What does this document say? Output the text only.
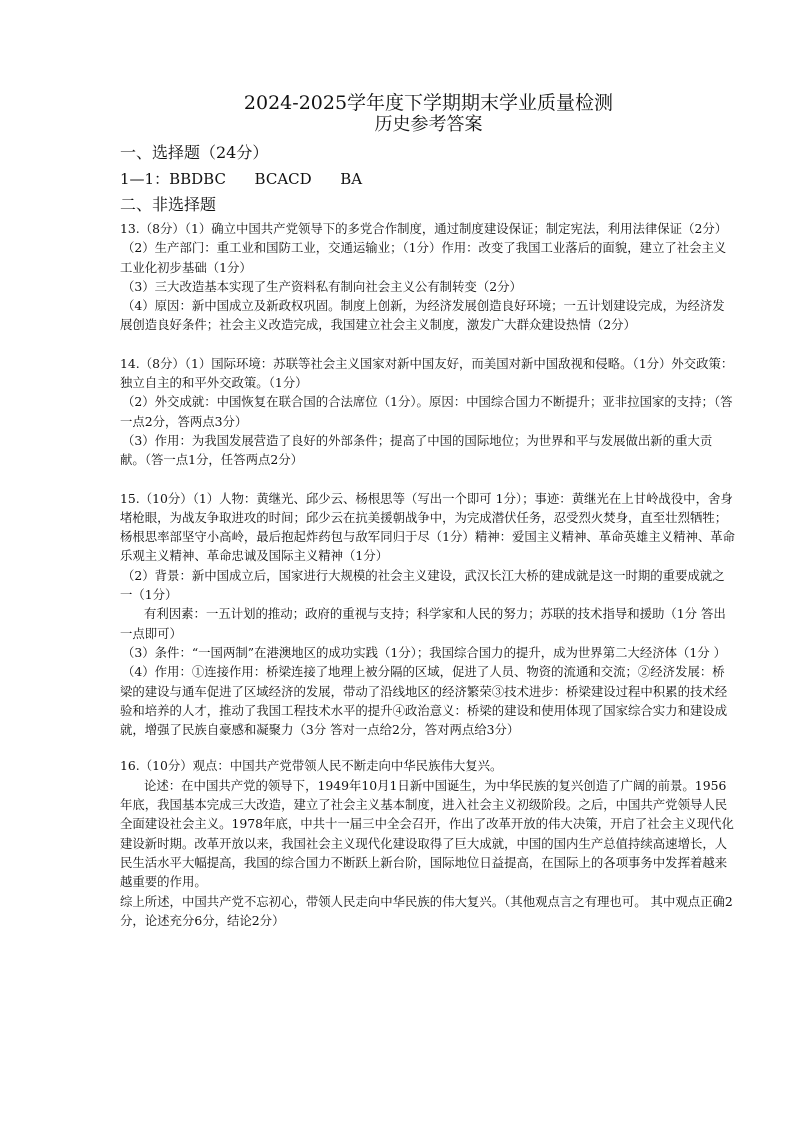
2024-2025学年度下学期期末学业质量检测
历史参考答案
一、选择题（24分）

1—1：BBDBC      BCACD      BA

二、非选择题

13.（8分）（1）确立中国共产党领导下的多党合作制度，通过制度建设保证；制定宪法，利用法律保证（2分）

（2）生产部门：重工业和国防工业，交通运输业；（1分）作用：改变了我国工业落后的面貌，建立了社会主义工业化初步基础（1分）

（3）三大改造基本实现了生产资料私有制向社会主义公有制转变（2分）

（4）原因：新中国成立及新政权巩固。制度上创新，为经济发展创造良好环境；一五计划建设完成，为经济发展创造良好条件；社会主义改造完成，我国建立社会主义制度，激发广大群众建设热情（2分）

14.（8分）（1）国际环境：苏联等社会主义国家对新中国友好，而美国对新中国敌视和侵略。（1分）外交政策：独立自主的和平外交政策。（1分）

（2）外交成就：中国恢复在联合国的合法席位（1分）。原因：中国综合国力不断提升；亚非拉国家的支持；（答一点2分，答两点3分）

（3）作用：为我国发展营造了良好的外部条件；提高了中国的国际地位；为世界和平与发展做出新的重大贡献。（答一点1分，任答两点2分）

15.（10分）（1）人物：黄继光、邱少云、杨根思等（写出一个即可 1分）；事迹：黄继光在上甘岭战役中，舍身堵枪眼，为战友争取进攻的时间；邱少云在抗美援朝战争中，为完成潜伏任务，忍受烈火焚身，直至壮烈牺牲；杨根思率部坚守小高岭，最后抱起炸药包与敌军同归于尽（1分）精神：爱国主义精神、革命英雄主义精神、革命乐观主义精神、革命忠诚及国际主义精神（1分）

（2）背景：新中国成立后，国家进行大规模的社会主义建设，武汉长江大桥的建成就是这一时期的重要成就之一（1分）

有利因素：一五计划的推动；政府的重视与支持；科学家和人民的努力；苏联的技术指导和援助（1分 答出一点即可）

（3）条件：“一国两制”在港澳地区的成功实践（1分）；我国综合国力的提升，成为世界第二大经济体（1分 ）

（4）作用：①连接作用：桥梁连接了地理上被分隔的区域，促进了人员、物资的流通和交流；②经济发展：桥梁的建设与通车促进了区域经济的发展，带动了沿线地区的经济繁荣③技术进步：桥梁建设过程中积累的技术经验和培养的人才，推动了我国工程技术水平的提升④政治意义：桥梁的建设和使用体现了国家综合实力和建设成就，增强了民族自豪感和凝聚力（3分 答对一点给2分，答对两点给3分）

16.（10分）观点：中国共产党带领人民不断走向中华民族伟大复兴。

论述：在中国共产党的领导下，1949年10月1日新中国诞生，为中华民族的复兴创造了广阔的前景。1956年底，我国基本完成三大改造，建立了社会主义基本制度，进入社会主义初级阶段。之后，中国共产党领导人民全面建设社会主义。1978年底，中共十一届三中全会召开，作出了改革开放的伟大决策，开启了社会主义现代化建设新时期。改革开放以来，我国社会主义现代化建设取得了巨大成就，中国的国内生产总值持续高速增长，人民生活水平大幅提高，我国的综合国力不断跃上新台阶，国际地位日益提高，在国际上的各项事务中发挥着越来越重要的作用。

综上所述，中国共产党不忘初心，带领人民走向中华民族的伟大复兴。（其他观点言之有理也可。 其中观点正确2分，论述充分6分，结论2分）
